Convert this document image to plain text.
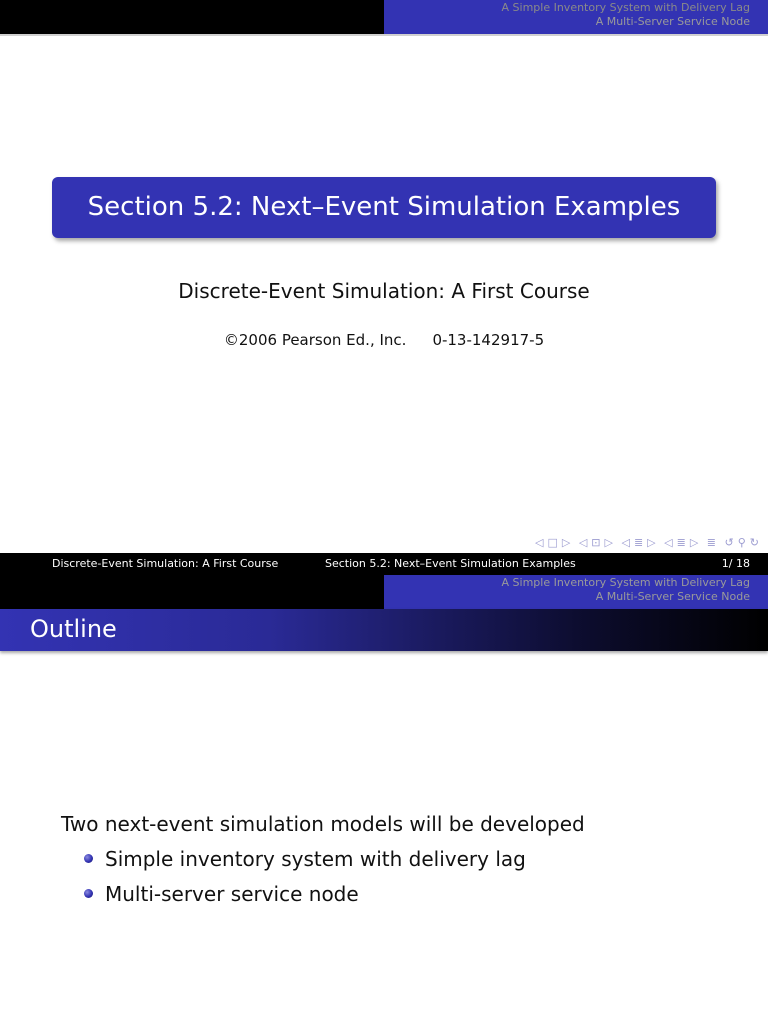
A Simple Inventory System with Delivery Lag
A Multi-Server Service Node
Section 5.2: Next–Event Simulation Examples
Discrete-Event Simulation: A First Course
©2006 Pearson Ed., Inc. 0-13-142917-5
◁ □ ▷ ◁ ⊡ ▷ ◁ ≣ ▷ ◁ ≣ ▷ ≣ ↺ ⚲ ↻
Discrete-Event Simulation: A First Course	Section 5.2: Next–Event Simulation Examples	1/ 18
A Simple Inventory System with Delivery Lag
A Multi-Server Service Node
Outline
Two next-event simulation models will be developed
Simple inventory system with delivery lag
Multi-server service node
